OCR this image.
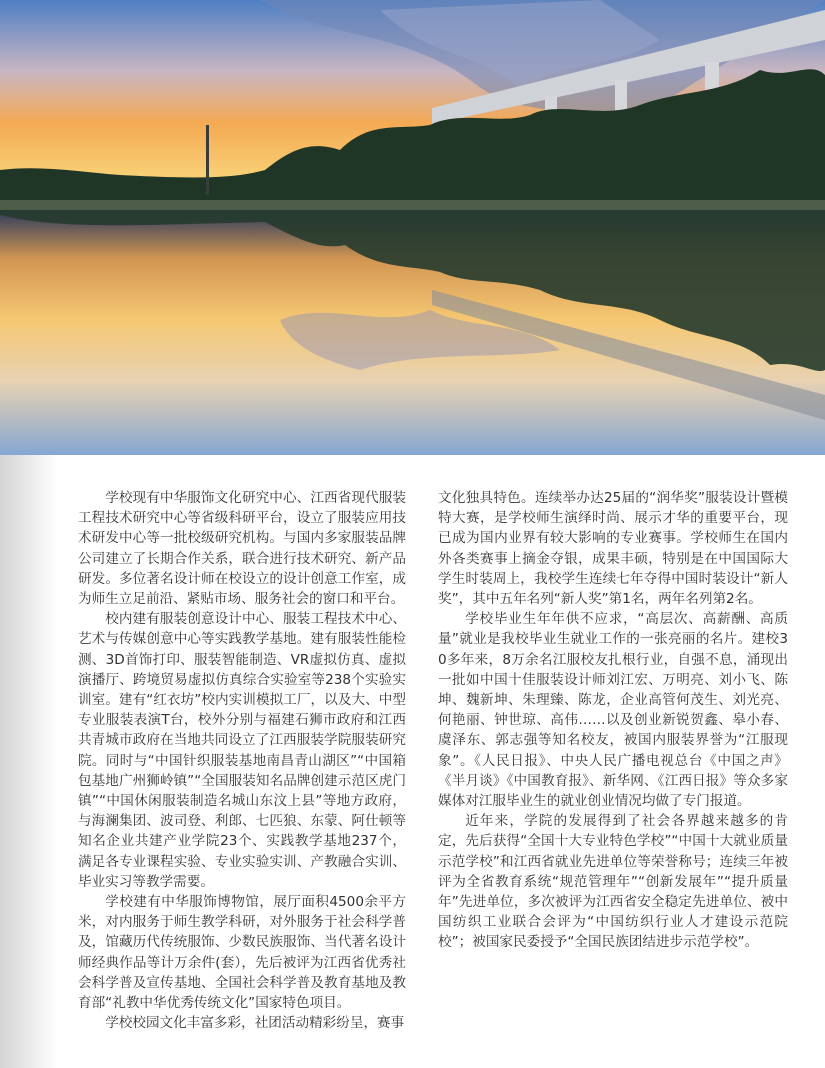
学校现有中华服饰文化研究中心、江西省现代服装工程技术研究中心等省级科研平台，设立了服装应用技术研发中心等一批校级研究机构。与国内多家服装品牌公司建立了长期合作关系，联合进行技术研究、新产品研发。多位著名设计师在校设立的设计创意工作室，成为师生立足前沿、紧贴市场、服务社会的窗口和平台。

校内建有服装创意设计中心、服装工程技术中心、艺术与传媒创意中心等实践教学基地。建有服装性能检测、3D首饰打印、服装智能制造、VR虚拟仿真、虚拟演播厅、跨境贸易虚拟仿真综合实验室等238个实验实训室。建有“红衣坊”校内实训模拟工厂，以及大、中型专业服装表演T台，校外分别与福建石狮市政府和江西共青城市政府在当地共同设立了江西服装学院服装研究院。同时与“中国针织服装基地南昌青山湖区”“中国箱包基地广州狮岭镇”“全国服装知名品牌创建示范区虎门镇”“中国休闲服装制造名城山东汶上县”等地方政府，与海澜集团、波司登、利郎、七匹狼、东蒙、阿仕顿等知名企业共建产业学院23个、实践教学基地237个，满足各专业课程实验、专业实验实训、产教融合实训、毕业实习等教学需要。

学校建有中华服饰博物馆，展厅面积4500余平方米，对内服务于师生教学科研，对外服务于社会科学普及，馆藏历代传统服饰、少数民族服饰、当代著名设计师经典作品等计万余件(套），先后被评为江西省优秀社会科学普及宣传基地、全国社会科学普及教育基地及教育部“礼教中华优秀传统文化”国家特色项目。

学校校园文化丰富多彩，社团活动精彩纷呈，赛事

文化独具特色。连续举办达25届的“润华奖”服装设计暨模特大赛，是学校师生演绎时尚、展示才华的重要平台，现已成为国内业界有较大影响的专业赛事。学校师生在国内外各类赛事上摘金夺银，成果丰硕，特别是在中国国际大学生时装周上，我校学生连续七年夺得中国时装设计“新人奖”，其中五年名列“新人奖”第1名，两年名列第2名。

学校毕业生年年供不应求，“高层次、高薪酬、高质量”就业是我校毕业生就业工作的一张亮丽的名片。建校30多年来，8万余名江服校友扎根行业，自强不息，涌现出一批如中国十佳服装设计师刘江宏、万明亮、刘小飞、陈坤、魏新坤、朱理臻、陈龙，企业高管何茂生、刘光亮、何艳丽、钟世琼、高伟……以及创业新锐贺鑫、皋小春、虞泽东、郭志强等知名校友，被国内服装界誉为“江服现象”。《人民日报》、中央人民广播电视总台《中国之声》《半月谈》《中国教育报》、新华网、《江西日报》等众多家媒体对江服毕业生的就业创业情况均做了专门报道。

近年来，学院的发展得到了社会各界越来越多的肯定，先后获得“全国十大专业特色学校”“中国十大就业质量示范学校”和江西省就业先进单位等荣誉称号；连续三年被评为全省教育系统“规范管理年”“创新发展年”“提升质量年”先进单位，多次被评为江西省安全稳定先进单位、被中国纺织工业联合会评为“中国纺织行业人才建设示范院校”；被国家民委授予“全国民族团结进步示范学校”。
